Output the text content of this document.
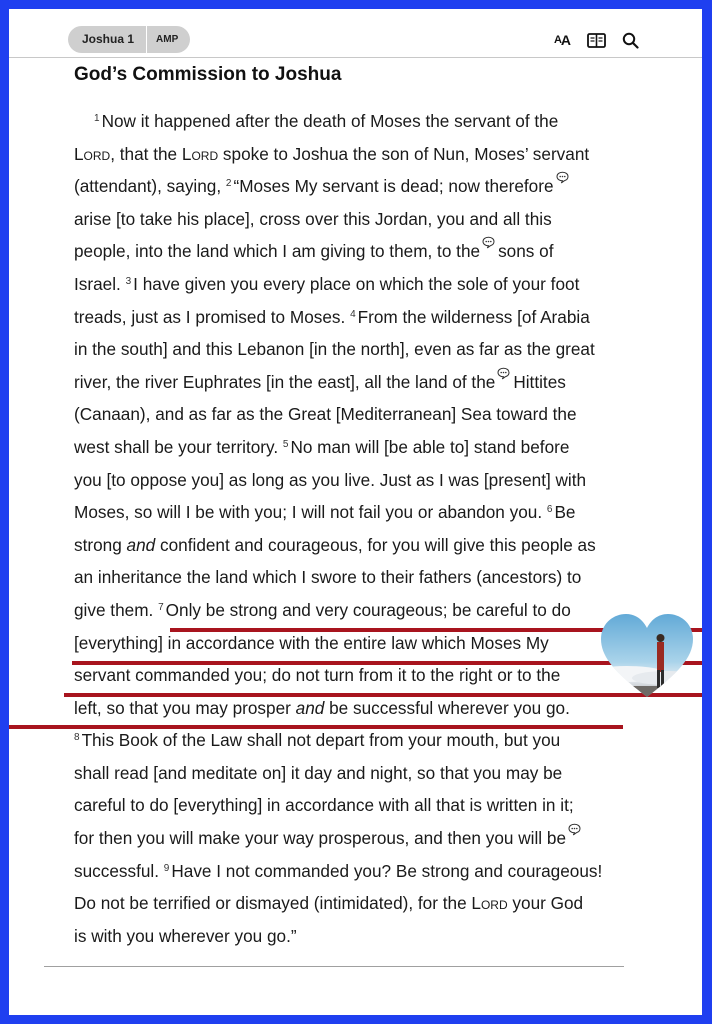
Joshua 1	AMP	A A
God’s Commission to Joshua
$^1$ Now it happened after the death of Moses the servant of the
Lord, that the Lord spoke to Joshua the son of Nun, Moses’ servant
(attendant), saying, $^2$ “Moses My servant is dead; now therefore
arise [to take his place], cross over this Jordan, you and all this
people, into the land which I am giving to them, to the sons of
Israel. $^3$ I have given you every place on which the sole of your foot
treads, just as I promised to Moses. $^4$ From the wilderness [of Arabia
in the south] and this Lebanon [in the north], even as far as the great
river, the river Euphrates [in the east], all the land of the Hittites
(Canaan), and as far as the Great [Mediterranean] Sea toward the
west shall be your territory. $^5$ No man will [be able to] stand before
you [to oppose you] as long as you live. Just as I was [present] with
Moses, so will I be with you; I will not fail you or abandon you. $^6$ Be
strong and confident and courageous, for you will give this people as
an inheritance the land which I swore to their fathers (ancestors) to
give them. $^7$ Only be strong and very courageous; be careful to do
[everything] in accordance with the entire law which Moses My
servant commanded you; do not turn from it to the right or to the
left, so that you may prosper and be successful wherever you go.
$^8$ This Book of the Law shall not depart from your mouth, but you
shall read [and meditate on] it day and night, so that you may be
careful to do [everything] in accordance with all that is written in it;
for then you will make your way prosperous, and then you will be
successful. $^9$ Have I not commanded you? Be strong and courageous!
Do not be terrified or dismayed (intimidated), for the Lord your God
is with you wherever you go.”
